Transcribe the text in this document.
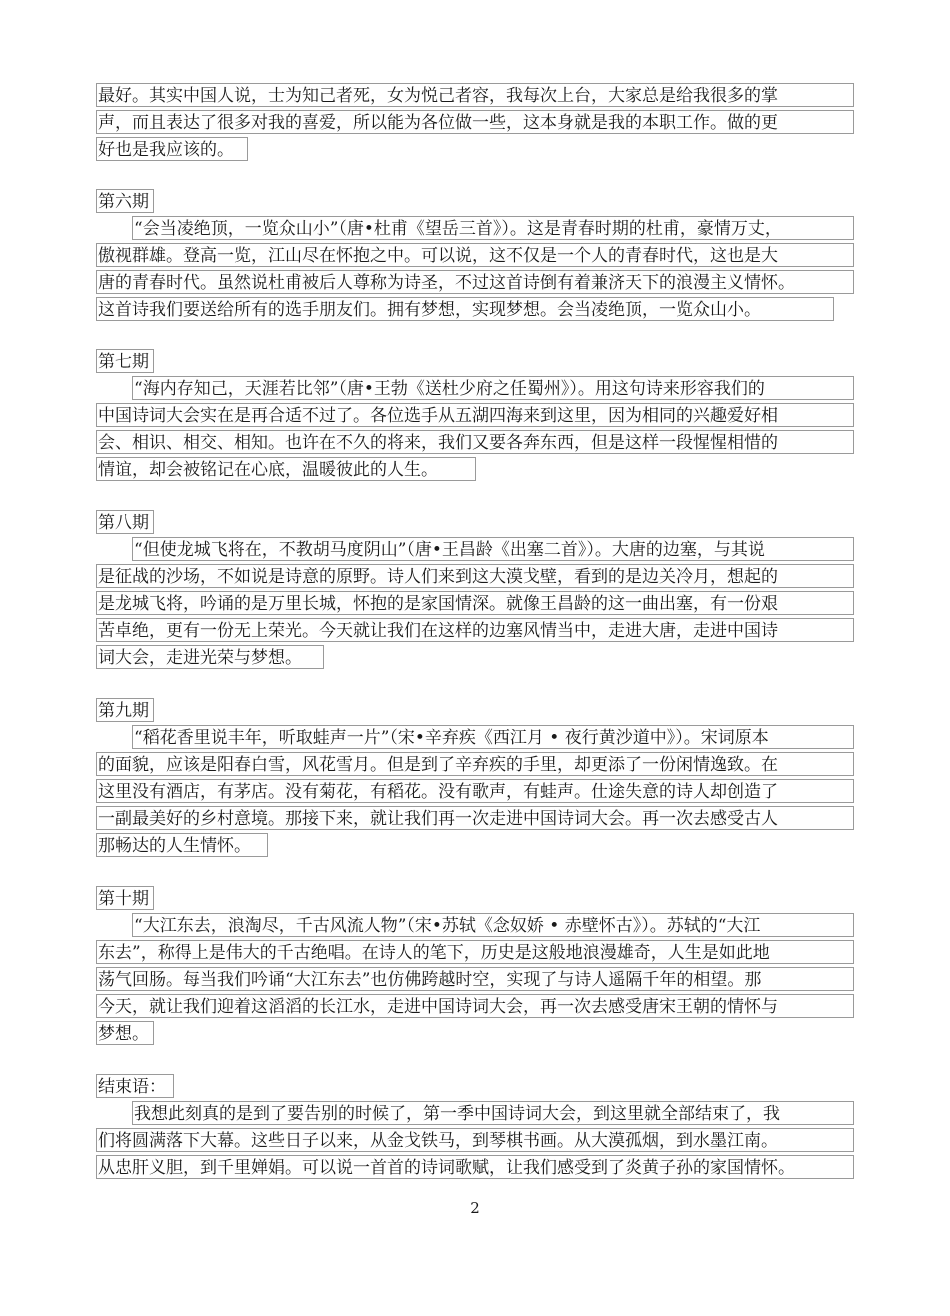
最好。其实中国人说，士为知己者死，女为悦己者容，我每次上台，大家总是给我很多的掌
声，而且表达了很多对我的喜爱，所以能为各位做一些，这本身就是我的本职工作。做的更
好也是我应该的。
第六期
“会当凌绝顶，一览众山小”（唐•杜甫《望岳三首》）。这是青春时期的杜甫，豪情万丈，
傲视群雄。登高一览，江山尽在怀抱之中。可以说，这不仅是一个人的青春时代，这也是大
唐的青春时代。虽然说杜甫被后人尊称为诗圣，不过这首诗倒有着兼济天下的浪漫主义情怀。
这首诗我们要送给所有的选手朋友们。拥有梦想，实现梦想。会当凌绝顶，一览众山小。
第七期
“海内存知己，天涯若比邻”（唐•王勃《送杜少府之任蜀州》）。用这句诗来形容我们的
中国诗词大会实在是再合适不过了。各位选手从五湖四海来到这里，因为相同的兴趣爱好相
会、相识、相交、相知。也许在不久的将来，我们又要各奔东西，但是这样一段惺惺相惜的
情谊，却会被铭记在心底，温暖彼此的人生。
第八期
“但使龙城飞将在，不教胡马度阴山”（唐•王昌龄《出塞二首》）。大唐的边塞，与其说
是征战的沙场，不如说是诗意的原野。诗人们来到这大漠戈壁，看到的是边关冷月，想起的
是龙城飞将，吟诵的是万里长城，怀抱的是家国情深。就像王昌龄的这一曲出塞，有一份艰
苦卓绝，更有一份无上荣光。今天就让我们在这样的边塞风情当中，走进大唐，走进中国诗
词大会，走进光荣与梦想。
第九期
“稻花香里说丰年，听取蛙声一片”（宋•辛弃疾《西江月 • 夜行黄沙道中》）。宋词原本
的面貌，应该是阳春白雪，风花雪月。但是到了辛弃疾的手里，却更添了一份闲情逸致。在
这里没有酒店，有茅店。没有菊花，有稻花。没有歌声，有蛙声。仕途失意的诗人却创造了
一副最美好的乡村意境。那接下来，就让我们再一次走进中国诗词大会。再一次去感受古人
那畅达的人生情怀。
第十期
“大江东去，浪淘尽，千古风流人物”（宋•苏轼《念奴娇 • 赤壁怀古》）。苏轼的“大江
东去”，称得上是伟大的千古绝唱。在诗人的笔下，历史是这般地浪漫雄奇，人生是如此地
荡气回肠。每当我们吟诵“大江东去”也仿佛跨越时空，实现了与诗人遥隔千年的相望。那
今天，就让我们迎着这滔滔的长江水，走进中国诗词大会，再一次去感受唐宋王朝的情怀与
梦想。
结束语：
我想此刻真的是到了要告别的时候了，第一季中国诗词大会，到这里就全部结束了，我
们将圆满落下大幕。这些日子以来，从金戈铁马，到琴棋书画。从大漠孤烟，到水墨江南。
从忠肝义胆，到千里婵娟。可以说一首首的诗词歌赋，让我们感受到了炎黄子孙的家国情怀。
2
